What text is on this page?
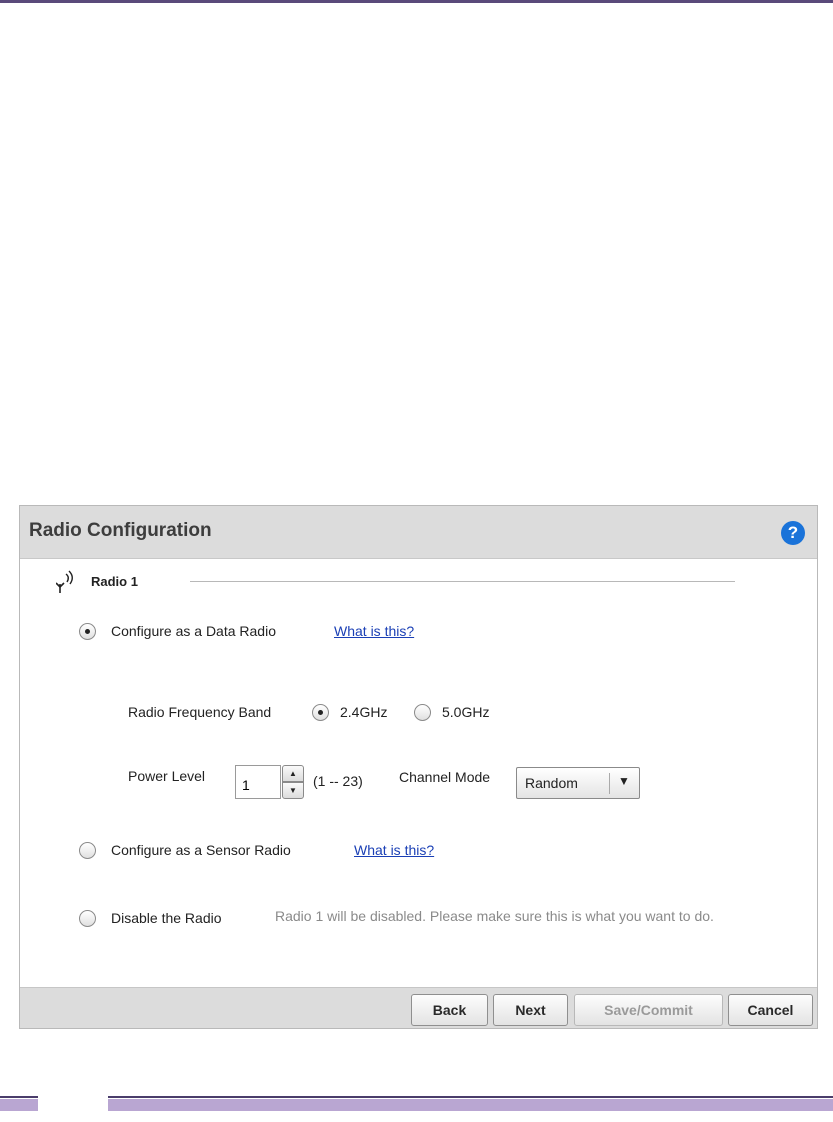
Radio Configuration	?
Radio 1
Configure as a Data Radio	What is this?
Radio Frequency Band	2.4GHz	5.0GHz
Power Level
1	▲
▼
(1 -- 23)	Channel Mode Random	▼
Configure as a Sensor Radio	What is this?
Disable the Radio	Radio 1 will be disabled. Please make sure this is what you want to do.
Back	Next	Save/Commit	Cancel
